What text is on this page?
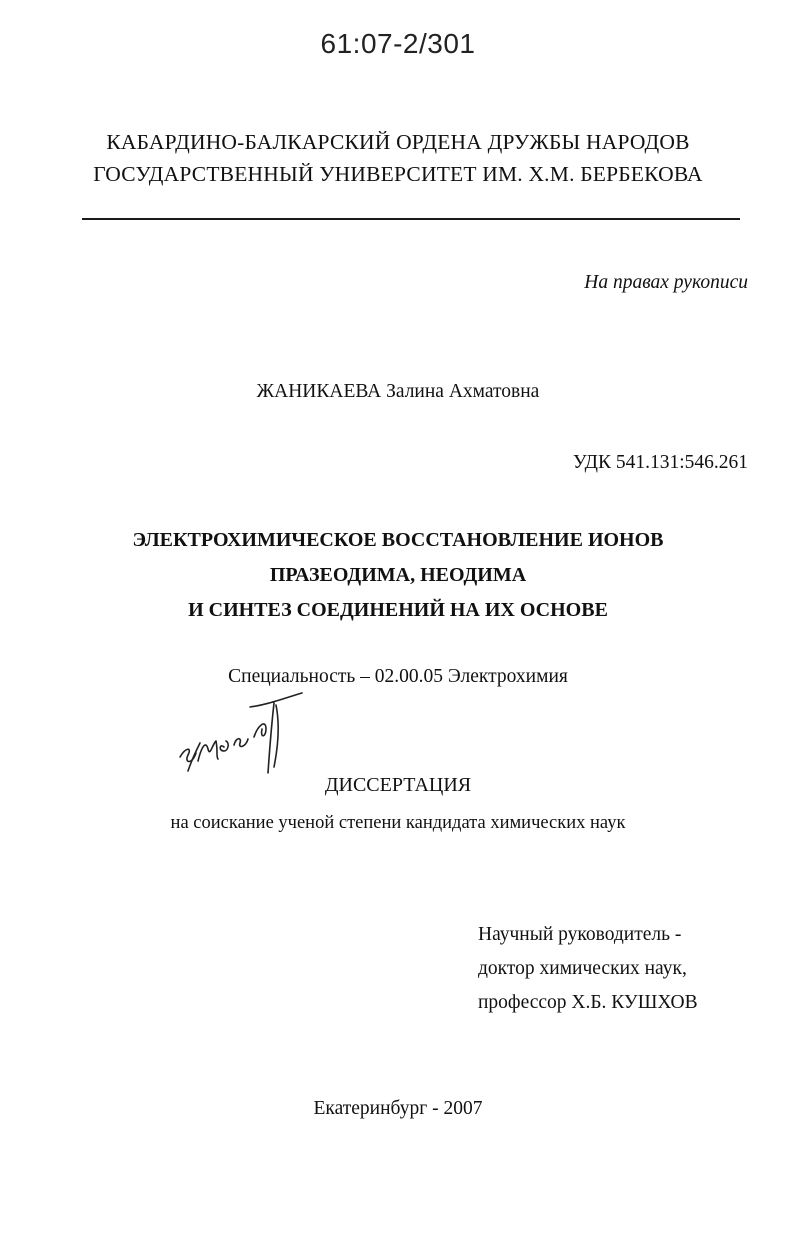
61:07-2/301
КАБАРДИНО-БАЛКАРСКИЙ ОРДЕНА ДРУЖБЫ НАРОДОВ
ГОСУДАРСТВЕННЫЙ УНИВЕРСИТЕТ ИМ. Х.М. БЕРБЕКОВА
На правах рукописи
ЖАНИКАЕВА Залина Ахматовна
УДК 541.131:546.261
ЭЛЕКТРОХИМИЧЕСКОЕ ВОССТАНОВЛЕНИЕ ИОНОВ
ПРАЗЕОДИМА, НЕОДИМА
И СИНТЕЗ СОЕДИНЕНИЙ НА ИХ ОСНОВЕ
Специальность – 02.00.05 Электрохимия
ДИССЕРТАЦИЯ
на соискание ученой степени кандидата химических наук
Научный руководитель -
доктор химических наук,
профессор Х.Б. КУШХОВ
Екатеринбург - 2007
